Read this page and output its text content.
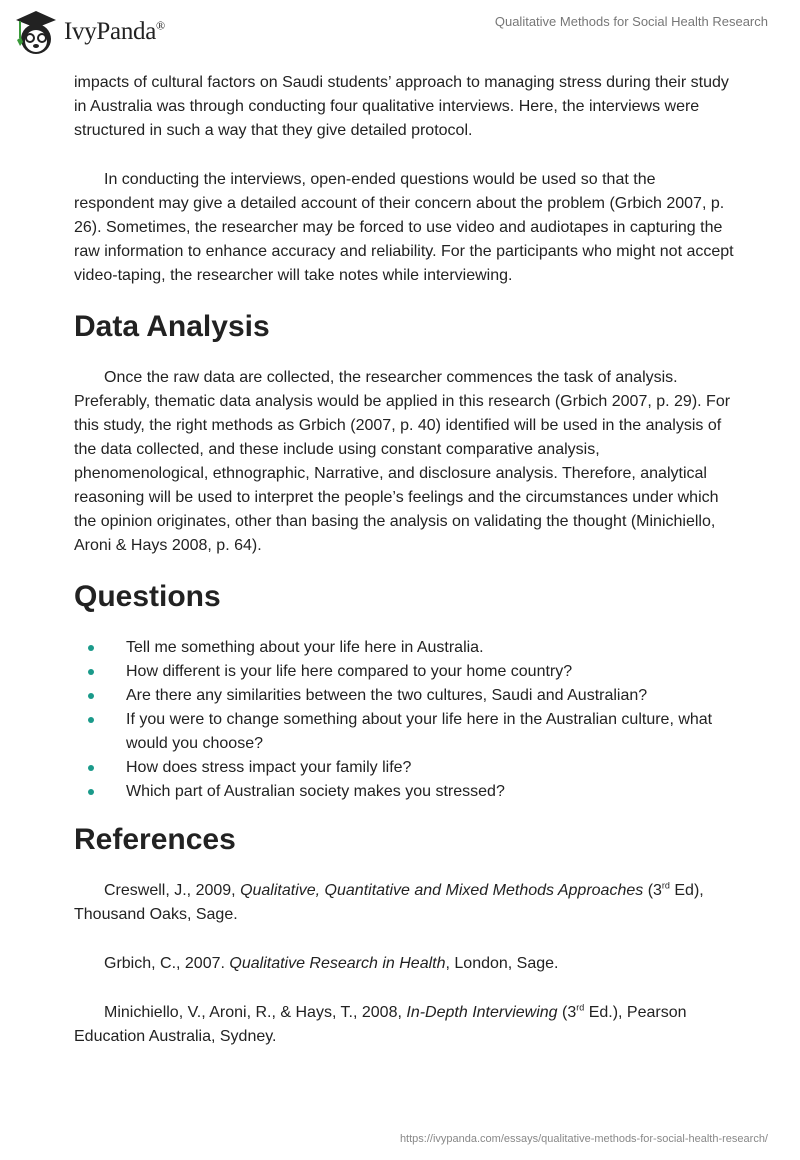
IvyPanda®	Qualitative Methods for Social Health Research

impacts of cultural factors on Saudi students’ approach to managing stress during their study in Australia was through conducting four qualitative interviews. Here, the interviews were structured in such a way that they give detailed protocol.

In conducting the interviews, open-ended questions would be used so that the respondent may give a detailed account of their concern about the problem (Grbich 2007, p. 26). Sometimes, the researcher may be forced to use video and audiotapes in capturing the raw information to enhance accuracy and reliability. For the participants who might not accept video-taping, the researcher will take notes while interviewing.

Data Analysis

Once the raw data are collected, the researcher commences the task of analysis. Preferably, thematic data analysis would be applied in this research (Grbich 2007, p. 29). For this study, the right methods as Grbich (2007, p. 40) identified will be used in the analysis of the data collected, and these include using constant comparative analysis, phenomenological, ethnographic, Narrative, and disclosure analysis. Therefore, analytical reasoning will be used to interpret the people’s feelings and the circumstances under which the opinion originates, other than basing the analysis on validating the thought (Minichiello, Aroni & Hays 2008, p. 64).

Questions
Tell me something about your life here in Australia.
How different is your life here compared to your home country?
Are there any similarities between the two cultures, Saudi and Australian?
If you were to change something about your life here in the Australian culture, what would you choose?
How does stress impact your family life?
Which part of Australian society makes you stressed?
References

Creswell, J., 2009, Qualitative, Quantitative and Mixed Methods Approaches (3rd Ed), Thousand Oaks, Sage.

Grbich, C., 2007. Qualitative Research in Health, London, Sage.

Minichiello, V., Aroni, R., & Hays, T., 2008, In-Depth Interviewing (3rd Ed.), Pearson Education Australia, Sydney.

https://ivypanda.com/essays/qualitative-methods-for-social-health-research/
